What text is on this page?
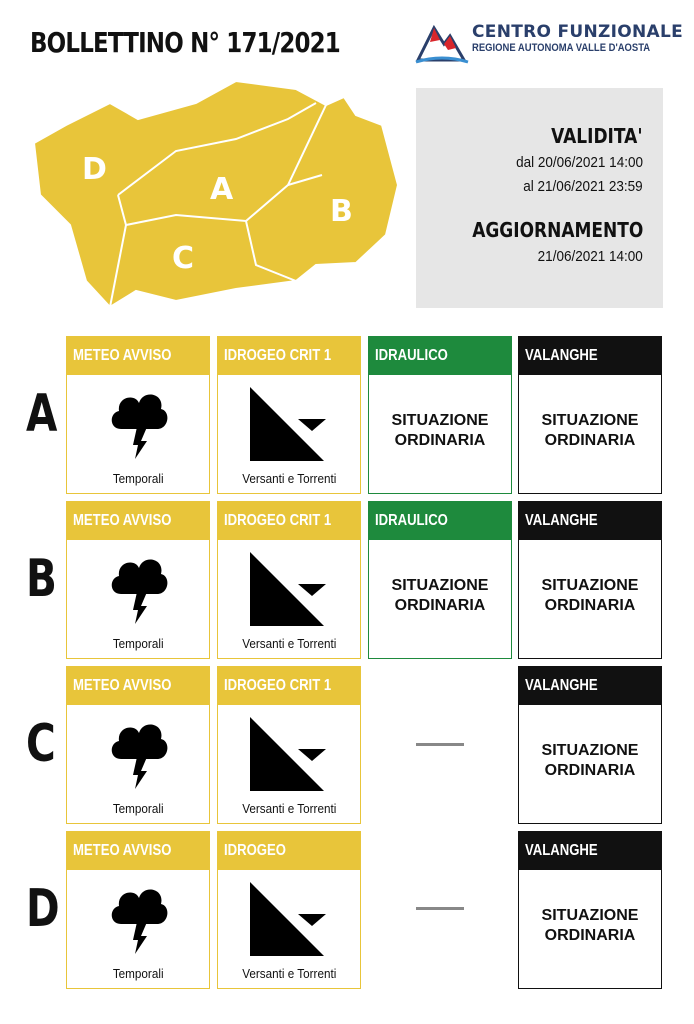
BOLLETTINO N° 171/2021	CENTRO FUNZIONALE
REGIONE AUTONOMA VALLE D'AOSTA
D
A
B
C
VALIDITA'
dal 20/06/2021 14:00
al 21/06/2021 23:59
AGGIORNAMENTO
21/06/2021 14:00
A
METEO AVVISO
Temporali
IDROGEO CRIT 1
Versanti e Torrenti
IDRAULICO
SITUAZIONE
ORDINARIA
VALANGHE
SITUAZIONE
ORDINARIA
B
METEO AVVISO
Temporali
IDROGEO CRIT 1
Versanti e Torrenti
IDRAULICO
SITUAZIONE
ORDINARIA
VALANGHE
SITUAZIONE
ORDINARIA
C
METEO AVVISO
Temporali
IDROGEO CRIT 1
Versanti e Torrenti
VALANGHE
SITUAZIONE
ORDINARIA
D
METEO AVVISO
Temporali
IDROGEO
Versanti e Torrenti
VALANGHE
SITUAZIONE
ORDINARIA
